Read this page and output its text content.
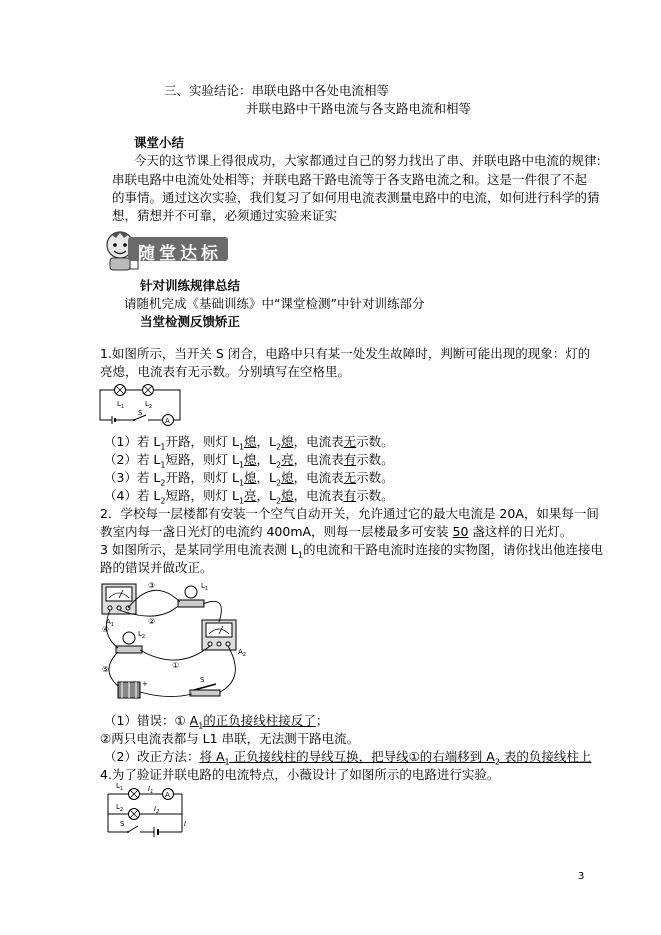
三、实验结论：串联电路中各处电流相等
并联电路中干路电流与各支路电流和相等
课堂小结
今天的这节课上得很成功，大家都通过自己的努力找出了串、并联电路中电流的规律:
串联电路中电流处处相等；并联电路干路电流等于各支路电流之和。这是一件很了不起
的事情。通过这次实验，我们复习了如何用电流表测量电路中的电流，如何进行科学的猜
想，猜想并不可靠，必须通过实验来证实
随堂达标
针对训练规律总结
请随机完成《基础训练》中“课堂检测”中针对训练部分
当堂检测反馈矫正
1.如图所示，当开关 S 闭合，电路中只有某一处发生故障时，判断可能出现的现象：灯的
亮熄，电流表有无示数。分别填写在空格里。
$L_1$	$L_2$
S
A
（1）若 $L_1$开路，则灯 $L_1$熄，$L_2$熄，电流表无示数。
（2）若 $L_1$短路，则灯 $L_1$熄，$L_2$亮，电流表有示数。
（3）若 $L_2$开路，则灯 $L_1$熄，$L_2$熄，电流表无示数。
（4）若 $L_2$短路，则灯 $L_1$亮，$L_2$熄，电流表有示数。
2．学校每一层楼都有安装一个空气自动开关，允许通过它的最大电流是 20A，如果每一间
教室内每一盏日光灯的电流约 400mA，则每一层楼最多可安装 50 盏这样的日光灯。
3 如图所示，是某同学用电流表测 $L_1$的电流和干路电流时连接的实物图，请你找出他连接电
路的错误并做改正。
$A_1$
$L_1$
$A_2$
$L_2$
+	S
③
④
⑤	①
②
（1）错误：① $A_1$的正负接线柱接反了；
②两只电流表都与 L1 串联，无法测干路电流。
（2）改正方法：将 $A_1$ 正负接线柱的导线互换，把导线①的右端移到 $A_2$ 表的负接线柱上
4.为了验证并联电路的电流特点，小薇设计了如图所示的电路进行实验。
A
$L_1$
$L_2$
$I_1$
$I_2$
I
S
3
